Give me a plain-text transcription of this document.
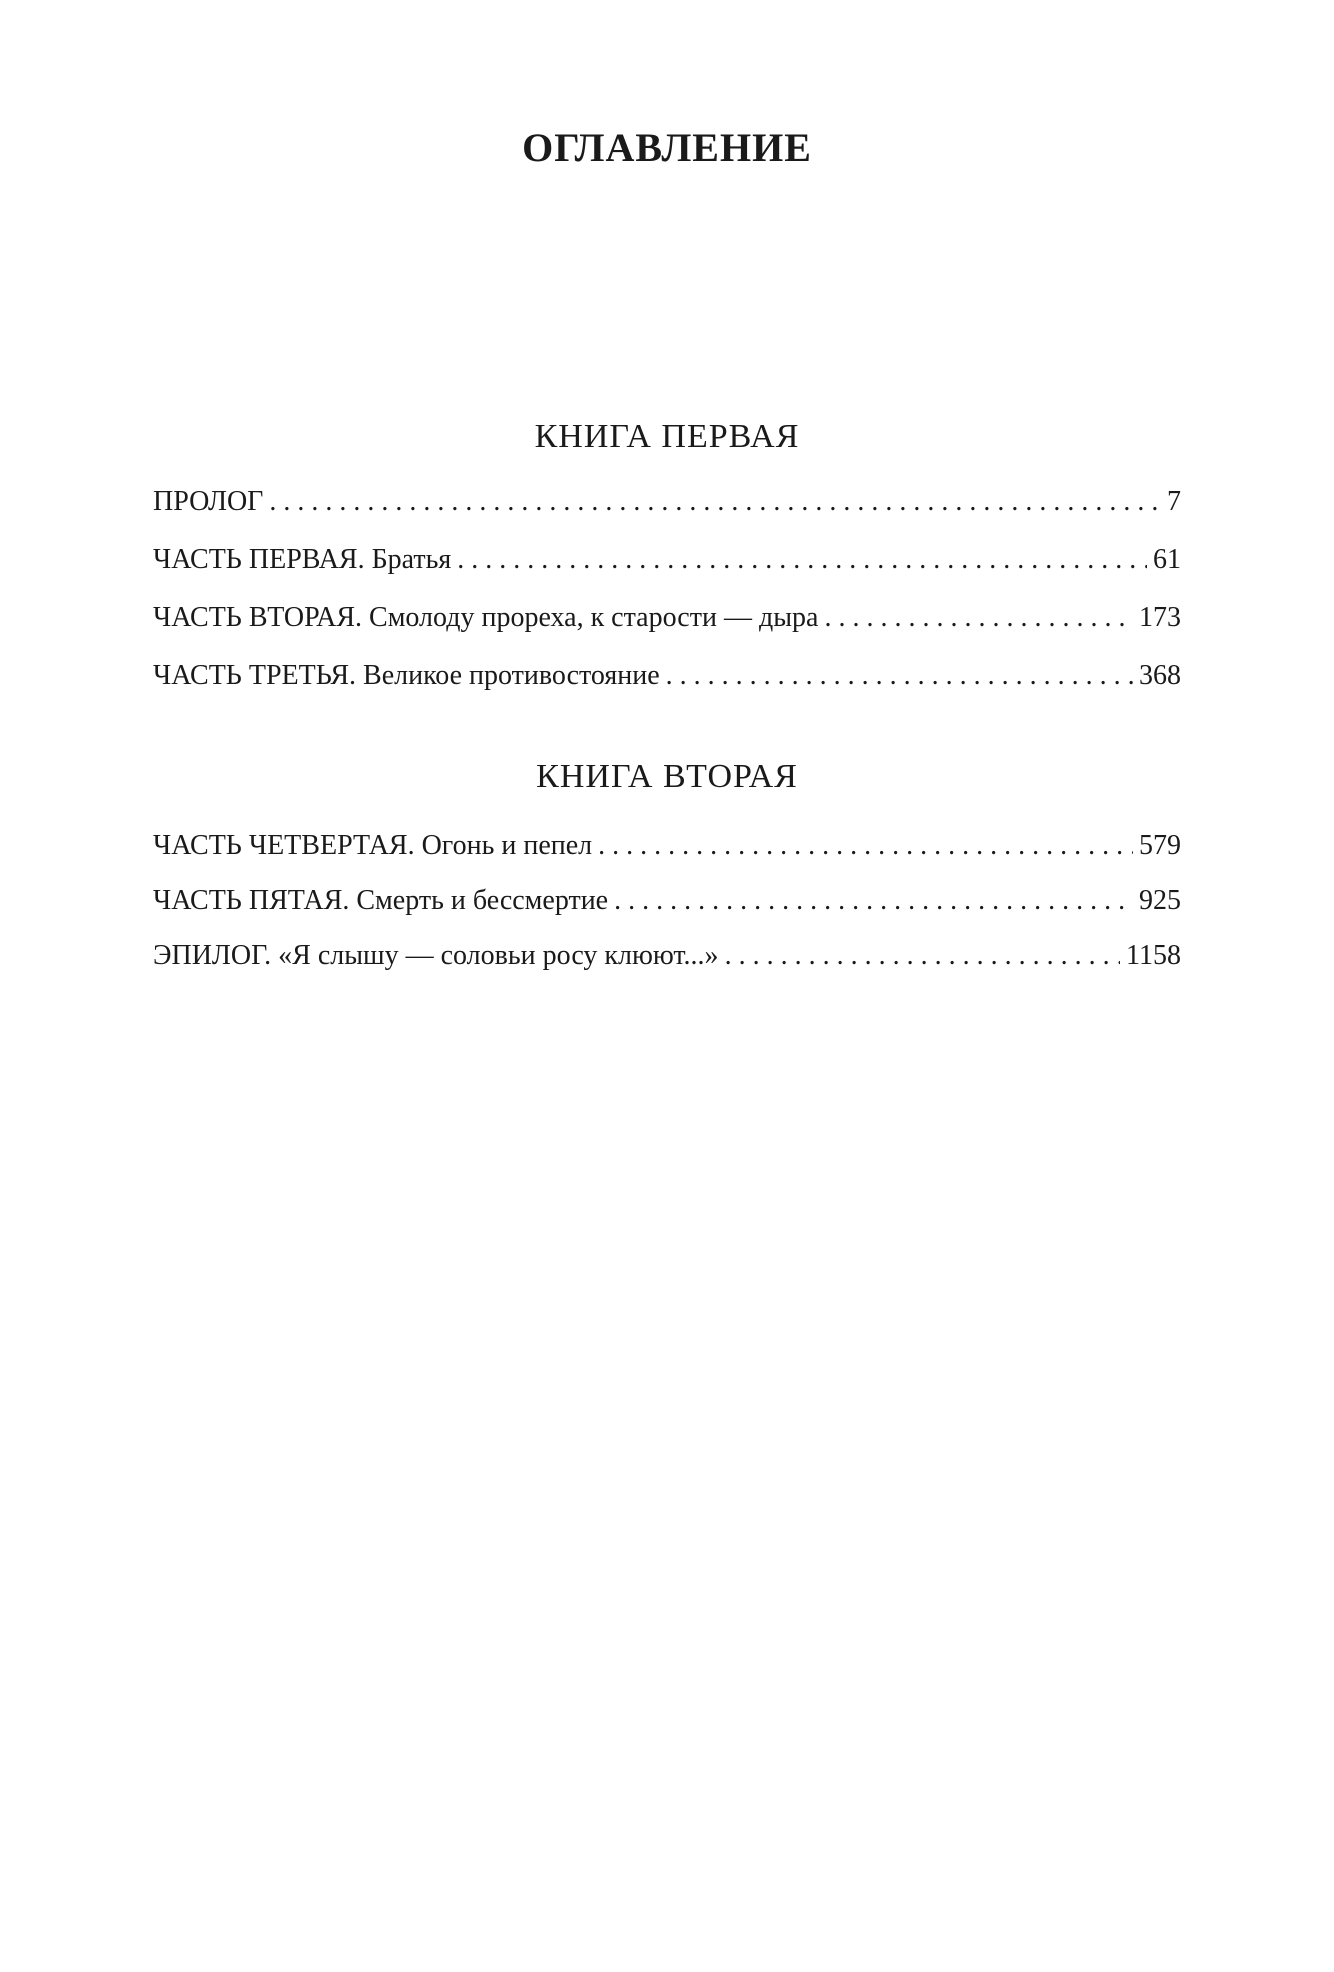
ОГЛАВЛЕНИЕ
КНИГА ПЕРВАЯ
ПРОЛОГ . . .	7
ЧАСТЬ ПЕРВАЯ. Братья . . .	61
ЧАСТЬ ВТОРАЯ. Смолоду прореха, к старости — дыра . . .	173
ЧАСТЬ ТРЕТЬЯ. Великое противостояние . . .	368
КНИГА ВТОРАЯ
ЧАСТЬ ЧЕТВЕРТАЯ. Огонь и пепел . . .	579
ЧАСТЬ ПЯТАЯ. Смерть и бессмертие . . .	925
ЭПИЛОГ. «Я слышу — соловьи росу клюют...» . . .	1158
